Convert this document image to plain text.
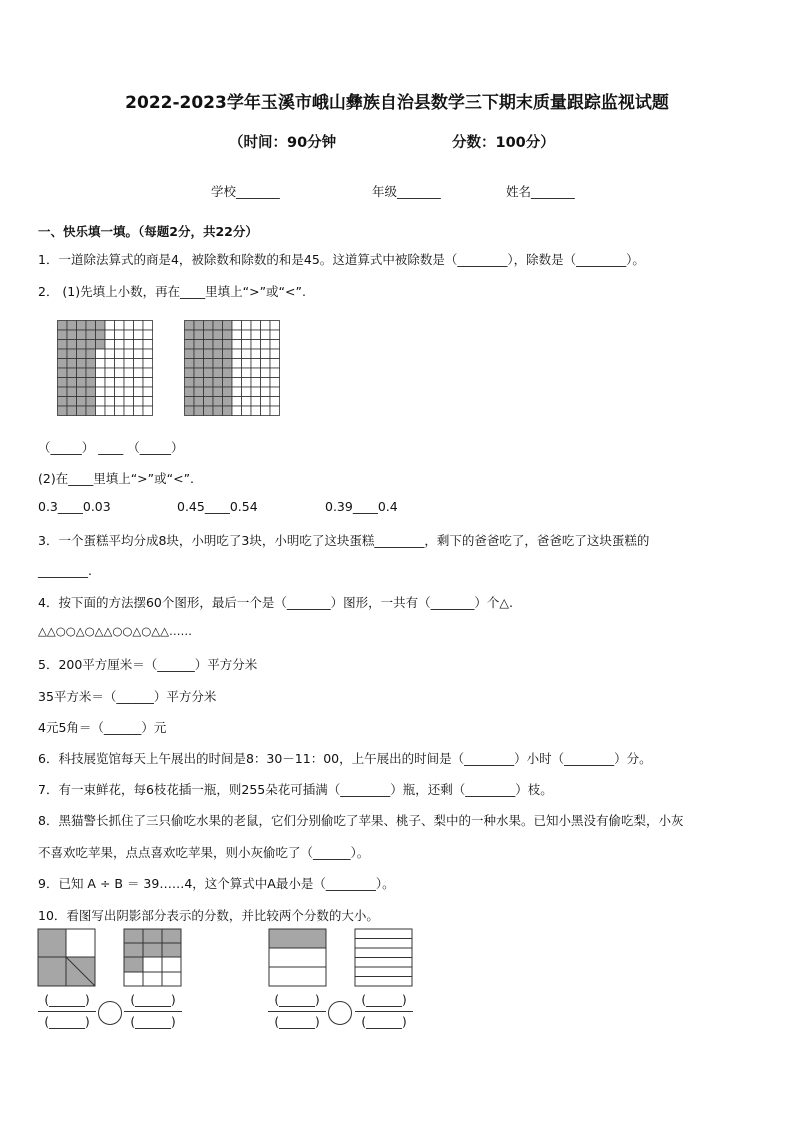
2022-2023学年玉溪市峨山彝族自治县数学三下期末质量跟踪监视试题
（时间：90分钟	分数：100分）
学校_______	年级_______	姓名_______
一、快乐填一填。（每题2分，共22分）
1．一道除法算式的商是4，被除数和除数的和是45。这道算式中被除数是（________），除数是（________）。
2． (1)先填上小数，再在____里填上“>”或“<”.
（_____） ____ （_____）
(2)在____里填上“>”或“<”.
0.3____0.03	0.45____0.54	0.39____0.4
3．一个蛋糕平均分成8块，小明吃了3块，小明吃了这块蛋糕________，剩下的爸爸吃了，爸爸吃了这块蛋糕的
________.
4．按下面的方法摆60个图形，最后一个是（_______）图形，一共有（_______）个△.
△△○○△○△△○○△○△△……
5．200平方厘米＝（______）平方分米
35平方米＝（______）平方分米
4元5角＝（______）元
6．科技展览馆每天上午展出的时间是8：30－11：00，上午展出的时间是（________）小时（________）分。
7．有一束鲜花，每6枝花插一瓶，则255朵花可插满（________）瓶，还剩（________）枝。
8．黑猫警长抓住了三只偷吃水果的老鼠，它们分别偷吃了苹果、桃子、梨中的一种水果。已知小黑没有偷吃梨，小灰
不喜欢吃苹果，点点喜欢吃苹果，则小灰偷吃了（______）。
9．已知 A ÷ B ＝ 39……4，这个算式中A最小是（________）。
10．看图写出阴影部分表示的分数，并比较两个分数的大小。
(______)
(______)
(______)
(______)
(______)
(______)
(______)
(______)
